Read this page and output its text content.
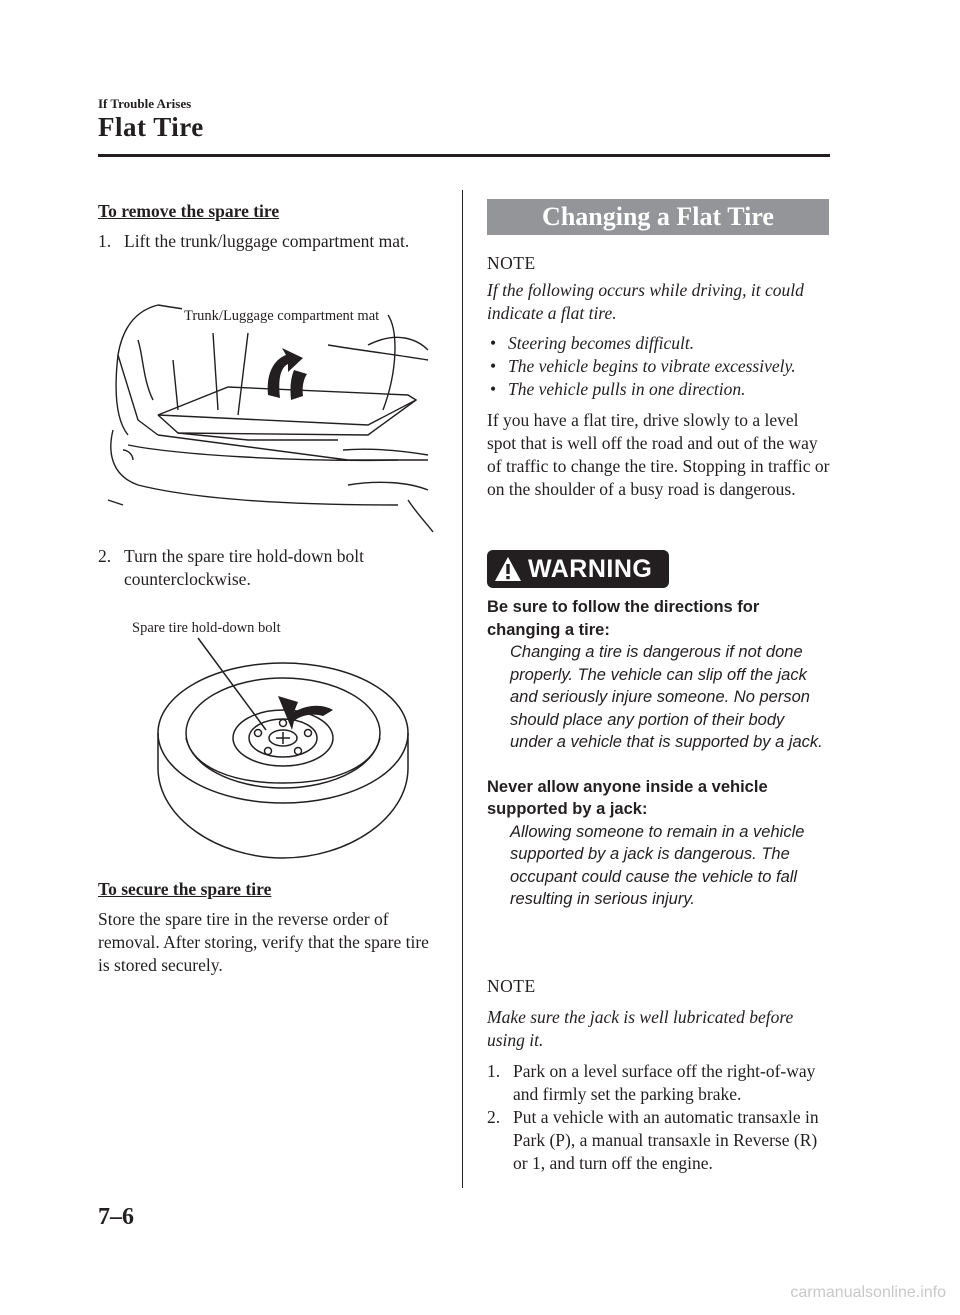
If Trouble Arises
Flat Tire
To remove the spare tire
1. Lift the trunk/luggage compartment mat.
Trunk/Luggage compartment mat
2. Turn the spare tire hold-down bolt counterclockwise.
Spare tire hold-down bolt
To secure the spare tire
Store the spare tire in the reverse order of removal. After storing, verify that the spare tire is stored securely.
Changing a Flat Tire
NOTE
If the following occurs while driving, it could indicate a flat tire.
• Steering becomes difficult.
• The vehicle begins to vibrate excessively.
• The vehicle pulls in one direction.
If you have a flat tire, drive slowly to a level spot that is well off the road and out of the way of traffic to change the tire. Stopping in traffic or on the shoulder of a busy road is dangerous.
WARNING
Be sure to follow the directions for changing a tire:
Changing a tire is dangerous if not done properly. The vehicle can slip off the jack and seriously injure someone. No person should place any portion of their body under a vehicle that is supported by a jack.
Never allow anyone inside a vehicle supported by a jack:
Allowing someone to remain in a vehicle supported by a jack is dangerous. The occupant could cause the vehicle to fall resulting in serious injury.
NOTE
Make sure the jack is well lubricated before using it.
1. Park on a level surface off the right-of-way and firmly set the parking brake.
2. Put a vehicle with an automatic transaxle in Park (P), a manual transaxle in Reverse (R) or 1, and turn off the engine.
7–6
carmanualsonline.info
